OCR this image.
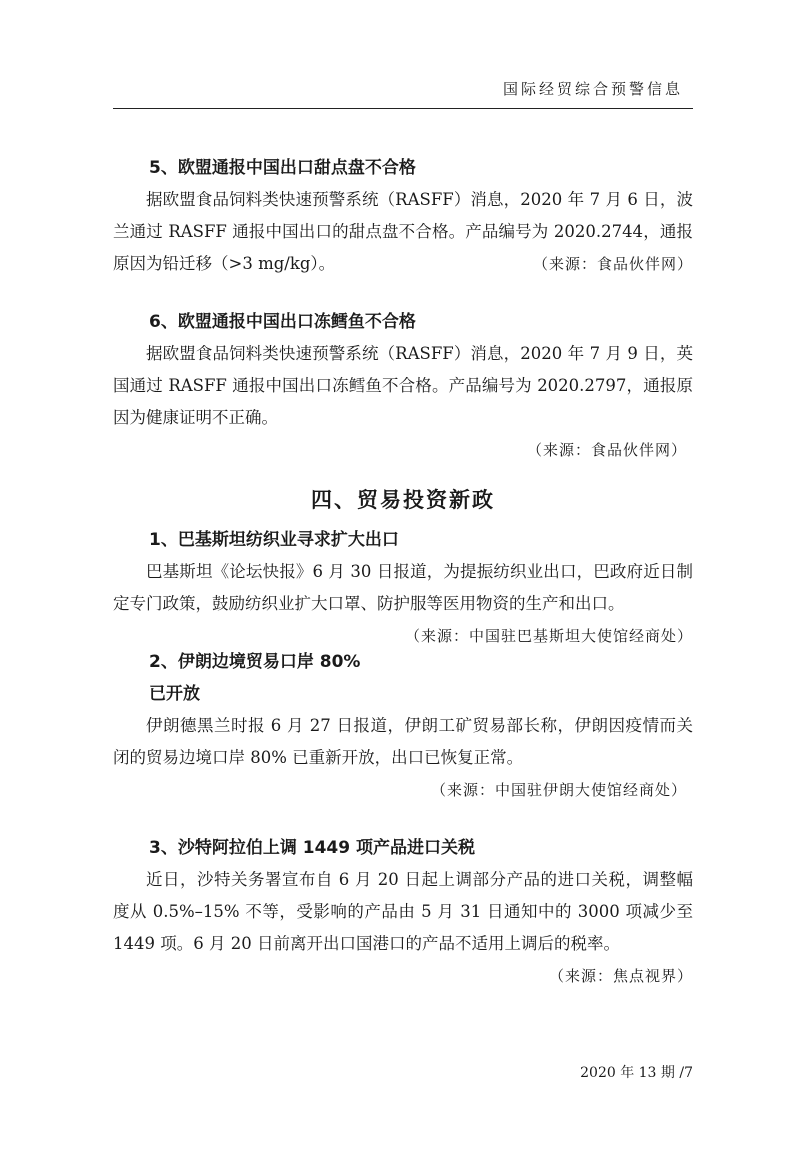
国际经贸综合预警信息
5、欧盟通报中国出口甜点盘不合格

据欧盟食品饲料类快速预警系统（RASFF）消息，2020 年 7 月 6 日，波兰通过 RASFF 通报中国出口的甜点盘不合格。产品编号为 2020.2744，通报原因为铅迁移（>3 mg/kg）。	（来源：食品伙伴网）

6、欧盟通报中国出口冻鳕鱼不合格

据欧盟食品饲料类快速预警系统（RASFF）消息，2020 年 7 月 9 日，英国通过 RASFF 通报中国出口冻鳕鱼不合格。产品编号为 2020.2797，通报原因为健康证明不正确。

（来源：食品伙伴网）
四、贸易投资新政
1、巴基斯坦纺织业寻求扩大出口

巴基斯坦《论坛快报》6 月 30 日报道，为提振纺织业出口，巴政府近日制定专门政策，鼓励纺织业扩大口罩、防护服等医用物资的生产和出口。
（来源：中国驻巴基斯坦大使馆经商处）

2、伊朗边境贸易口岸 80% 已开放

伊朗德黑兰时报 6 月 27 日报道，伊朗工矿贸易部长称，伊朗因疫情而关闭的贸易边境口岸 80% 已重新开放，出口已恢复正常。

（来源：中国驻伊朗大使馆经商处）
3、沙特阿拉伯上调 1449 项产品进口关税

近日，沙特关务署宣布自 6 月 20 日起上调部分产品的进口关税，调整幅度从 0.5%–15% 不等，受影响的产品由 5 月 31 日通知中的 3000 项减少至 1449 项。6 月 20 日前离开出口国港口的产品不适用上调后的税率。
（来源：焦点视界）

2020 年 13 期 /7
